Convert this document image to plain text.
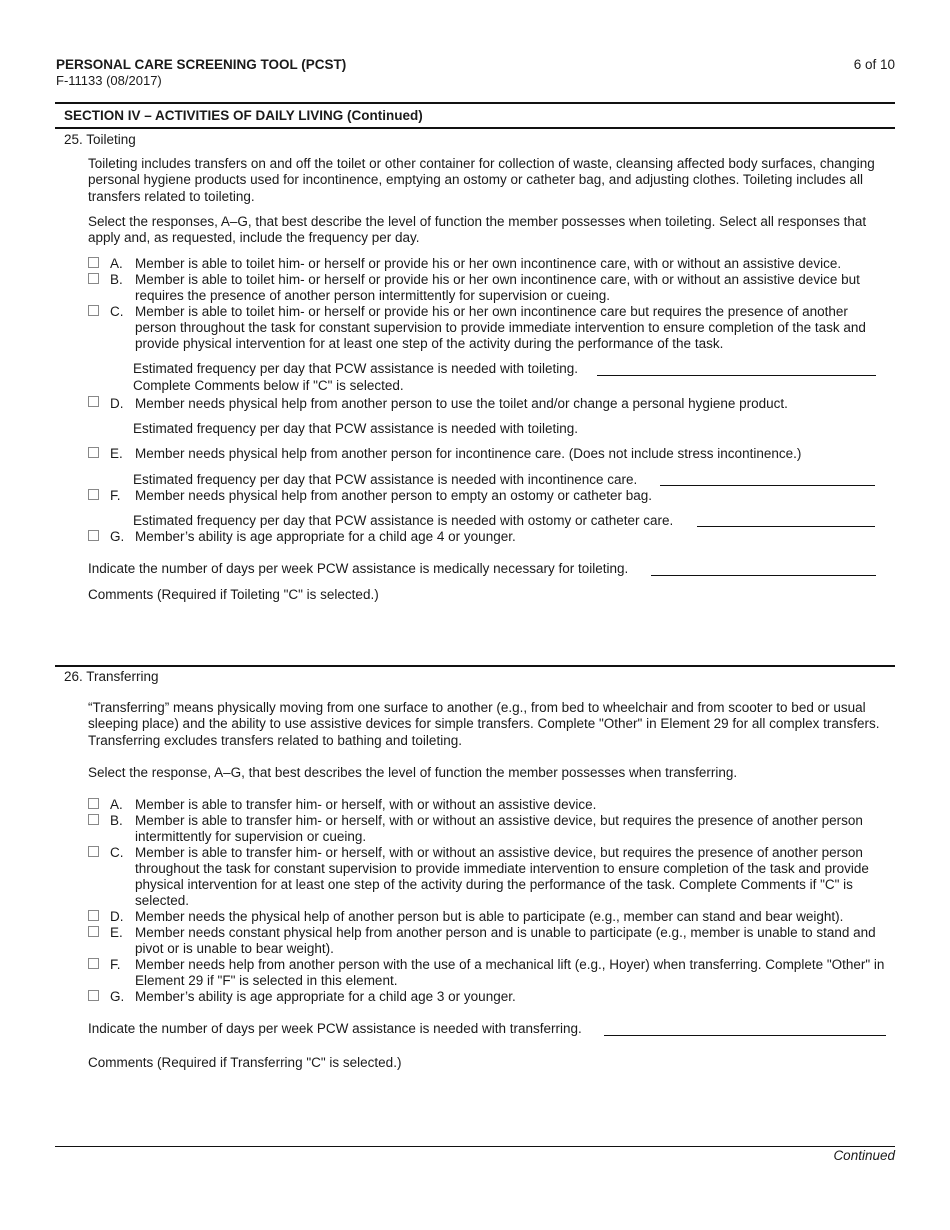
PERSONAL CARE SCREENING TOOL (PCST)
F-11133 (08/2017)
6 of 10
SECTION IV – ACTIVITIES OF DAILY LIVING (Continued)
25. Toileting
Toileting includes transfers on and off the toilet or other container for collection of waste, cleansing affected body surfaces, changing personal hygiene products used for incontinence, emptying an ostomy or catheter bag, and adjusting clothes. Toileting includes all transfers related to toileting.
Select the responses, A–G, that best describe the level of function the member possesses when toileting. Select all responses that apply and, as requested, include the frequency per day.
A. Member is able to toilet him- or herself or provide his or her own incontinence care, with or without an assistive device.
B. Member is able to toilet him- or herself or provide his or her own incontinence care, with or without an assistive device but requires the presence of another person intermittently for supervision or cueing.
C. Member is able to toilet him- or herself or provide his or her own incontinence care but requires the presence of another person throughout the task for constant supervision to provide immediate intervention to ensure completion of the task and provide physical intervention for at least one step of the activity during the performance of the task.
Estimated frequency per day that PCW assistance is needed with toileting.
Complete Comments below if "C" is selected.
D. Member needs physical help from another person to use the toilet and/or change a personal hygiene product.
Estimated frequency per day that PCW assistance is needed with toileting.
E. Member needs physical help from another person for incontinence care. (Does not include stress incontinence.)
Estimated frequency per day that PCW assistance is needed with incontinence care.
F. Member needs physical help from another person to empty an ostomy or catheter bag.
Estimated frequency per day that PCW assistance is needed with ostomy or catheter care.
G. Member’s ability is age appropriate for a child age 4 or younger.
Indicate the number of days per week PCW assistance is medically necessary for toileting.
Comments (Required if Toileting "C" is selected.)
26. Transferring
“Transferring” means physically moving from one surface to another (e.g., from bed to wheelchair and from scooter to bed or usual sleeping place) and the ability to use assistive devices for simple transfers. Complete "Other" in Element 29 for all complex transfers. Transferring excludes transfers related to bathing and toileting.
Select the response, A–G, that best describes the level of function the member possesses when transferring.
A. Member is able to transfer him- or herself, with or without an assistive device.
B. Member is able to transfer him- or herself, with or without an assistive device, but requires the presence of another person intermittently for supervision or cueing.
C. Member is able to transfer him- or herself, with or without an assistive device, but requires the presence of another person throughout the task for constant supervision to provide immediate intervention to ensure completion of the task and provide physical intervention for at least one step of the activity during the performance of the task. Complete Comments if "C" is selected.
D. Member needs the physical help of another person but is able to participate (e.g., member can stand and bear weight).
E. Member needs constant physical help from another person and is unable to participate (e.g., member is unable to stand and pivot or is unable to bear weight).
F. Member needs help from another person with the use of a mechanical lift (e.g., Hoyer) when transferring. Complete "Other" in Element 29 if "F" is selected in this element.
G. Member’s ability is age appropriate for a child age 3 or younger.
Indicate the number of days per week PCW assistance is needed with transferring.
Comments (Required if Transferring "C" is selected.)
Continued
